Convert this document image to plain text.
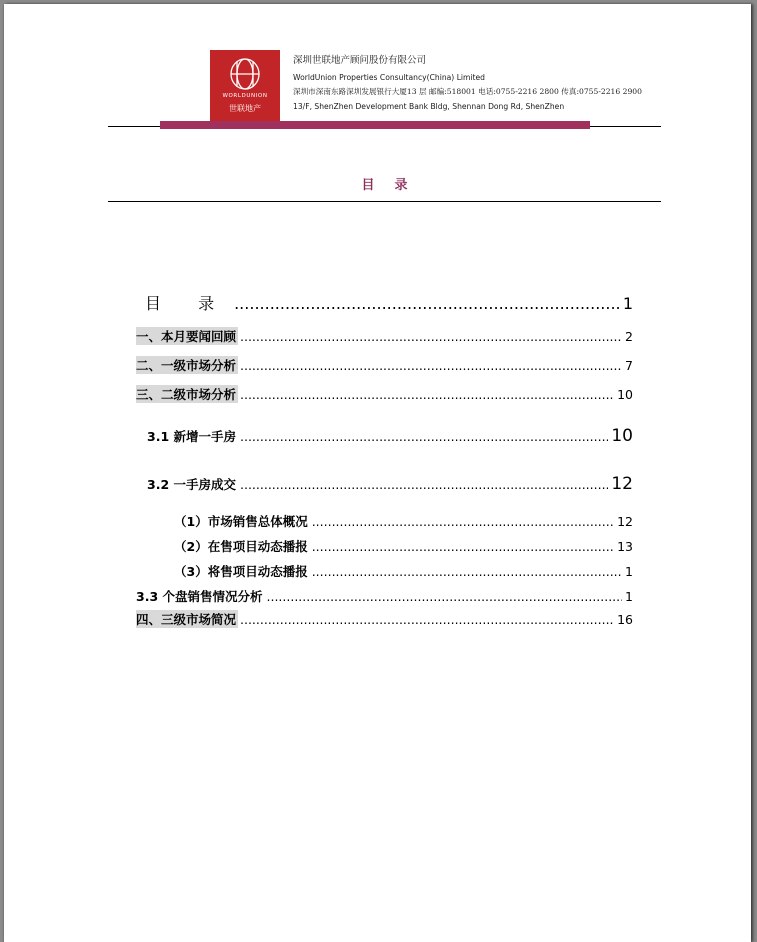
WORLDUNION
世联地产
深圳世联地产顾问股份有限公司
WorldUnion Properties Consultancy(China) Limited
深圳市深南东路深圳发展银行大厦13 层 邮编:518001 电话:0755-2216 2800 传真:0755-2216 2900
13/F, ShenZhen Development Bank Bldg, Shennan Dong Rd, ShenZhen
目录
目 录 .....	1
一、本月要闻回顾 .....	2
二、一级市场分析 .....	7
三、二级市场分析 .....	10
3.1 新增一手房 .....	10
3.2 一手房成交 .....	12
（1）市场销售总体概况 .....	12
（2）在售项目动态播报 .....	13
（3）将售项目动态播报 .....	1
3.3 个盘销售情况分析 .....	1
四、三级市场简况 .....	16
